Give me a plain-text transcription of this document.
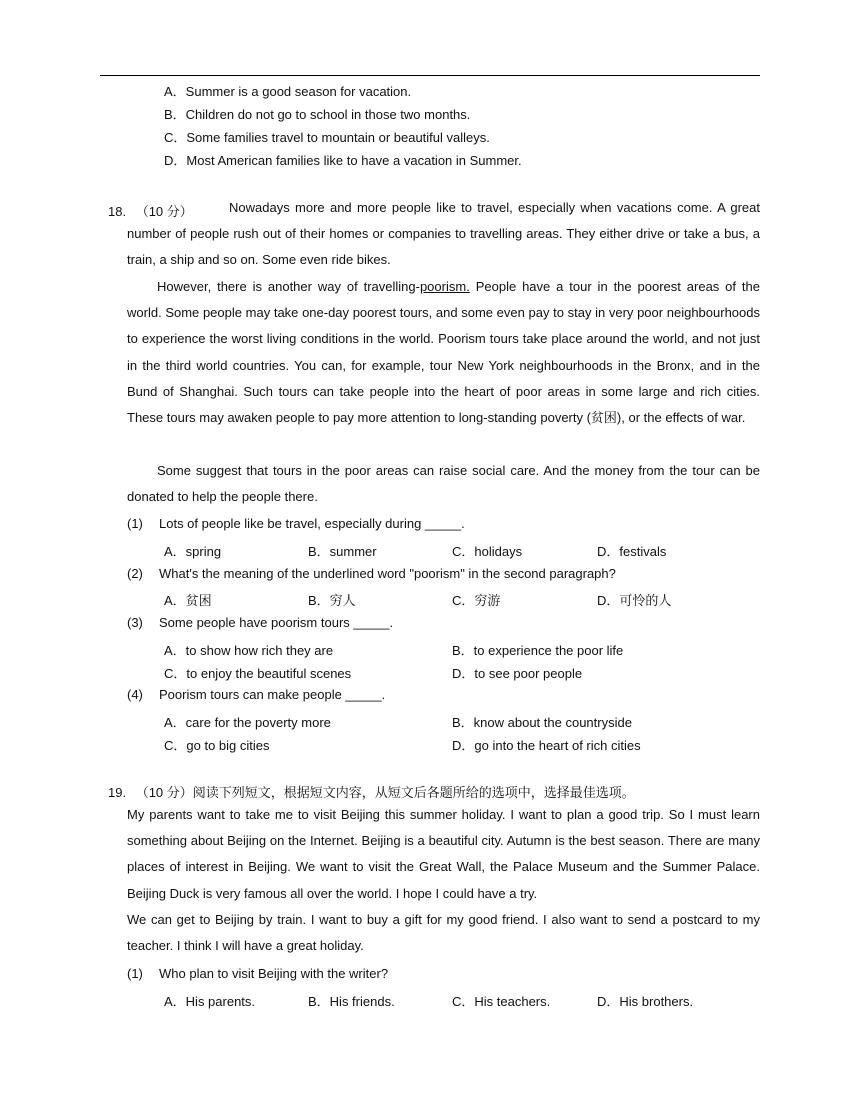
A．Summer is a good season for vacation.
B．Children do not go to school in those two months.
C．Some families travel to mountain or beautiful valleys.
D．Most American families like to have a vacation in Summer.
18. （10 分）	Nowadays more and more people like to travel, especially when vacations come. A great number of people rush out of their homes or companies to travelling areas. They either drive or take a bus, a train, a ship and so on. Some even ride bikes.

However, there is another way of travelling-poorism. People have a tour in the poorest areas of the world. Some people may take one-day poorest tours, and some even pay to stay in very poor neighbourhoods to experience the worst living conditions in the world. Poorism tours take place around the world, and not just in the third world countries. You can, for example, tour New York neighbourhoods in the Bronx, and in the Bund of Shanghai. Such tours can take people into the heart of poor areas in some large and rich cities. These tours may awaken people to pay more attention to long-standing poverty (贫困), or the effects of war.

Some suggest that tours in the poor areas can raise social care. And the money from the tour can be donated to help the people there.

(1) Lots of people like be travel, especially during _____.
A．spring	B．summer	C．holidays	D．festivals
(2) What's the meaning of the underlined word "poorism" in the second paragraph?
A．贫困	B．穷人	C．穷游	D．可怜的人
(3) Some people have poorism tours _____.
A．to show how rich they are	B．to experience the poor life
C．to enjoy the beautiful scenes	D．to see poor people
(4) Poorism tours can make people _____.
A．care for the poverty more	B．know about the countryside
C．go to big cities	D．go into the heart of rich cities
19. （10 分）阅读下列短文，根据短文内容，从短文后各题所给的选项中，选择最佳选项。

My parents want to take me to visit Beijing this summer holiday. I want to plan a good trip. So I must learn something about Beijing on the Internet. Beijing is a beautiful city. Autumn is the best season. There are many places of interest in Beijing. We want to visit the Great Wall, the Palace Museum and the Summer Palace. Beijing Duck is very famous all over the world. I hope I could have a try.

We can get to Beijing by train. I want to buy a gift for my good friend. I also want to send a postcard to my teacher. I think I will have a great holiday.

(1) Who plan to visit Beijing with the writer?
A．His parents.	B．His friends.	C．His teachers.	D．His brothers.
